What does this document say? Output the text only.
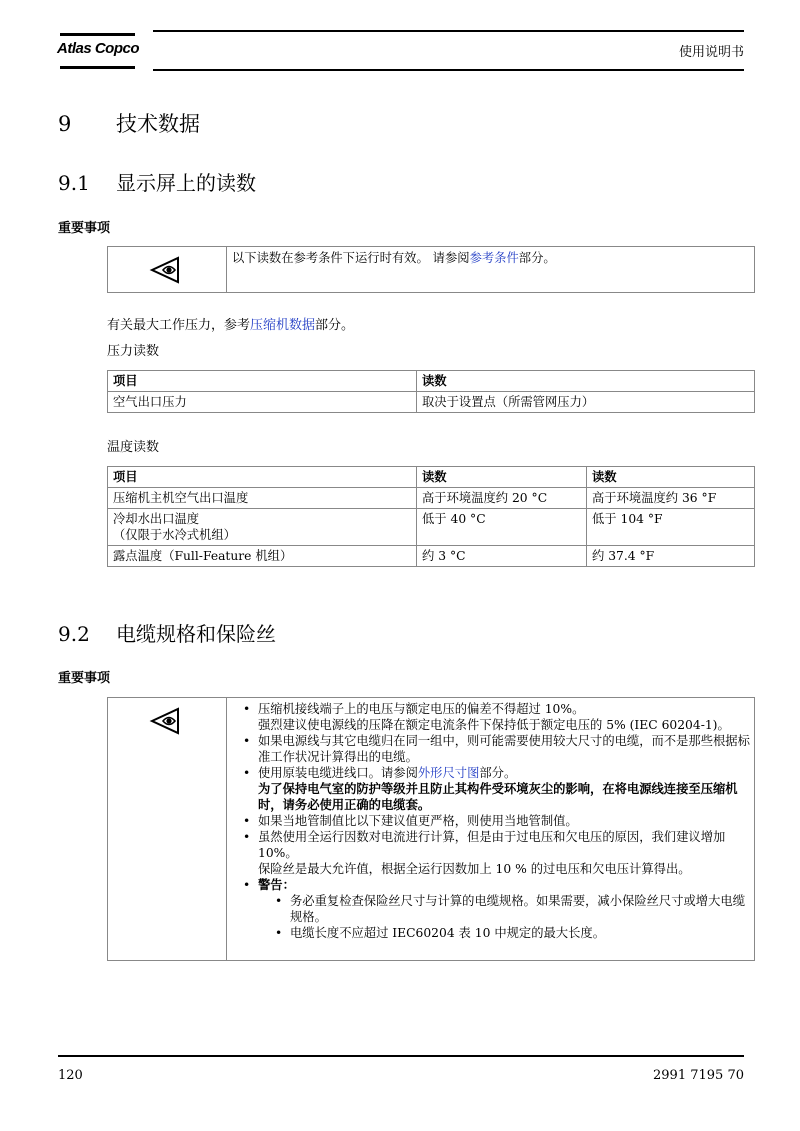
Atlas Copco	使用说明书
9 技术数据
9.1 显示屏上的读数
重要事项
以下读数在参考条件下运行时有效。 请参阅参考条件部分。
有关最大工作压力，参考压缩机数据部分。
压力读数
项目	读数
空气出口压力	取决于设置点（所需管网压力）
温度读数
项目	读数	读数
压缩机主机空气出口温度	高于环境温度约 20 °C	高于环境温度约 36 °F
冷却水出口温度
（仅限于水冷式机组）	低于 40 °C	低于 104 °F
露点温度（Full-Feature 机组）	约 3 °C	约 37.4 °F
9.2 电缆规格和保险丝
重要事项
• 压缩机接线端子上的电压与额定电压的偏差不得超过 10%。
强烈建议使电源线的压降在额定电流条件下保持低于额定电压的 5% (IEC 60204-1)。
• 如果电源线与其它电缆归在同一组中，则可能需要使用较大尺寸的电缆，而不是那些根据标准工作状况计算得出的电缆。
• 使用原装电缆进线口。请参阅外形尺寸图部分。
为了保持电气室的防护等级并且防止其构件受环境灰尘的影响，在将电源线连接至压缩机时，请务必使用正确的电缆套。
• 如果当地管制值比以下建议值更严格，则使用当地管制值。
• 虽然使用全运行因数对电流进行计算，但是由于过电压和欠电压的原因，我们建议增加 10%。
保险丝是最大允许值，根据全运行因数加上 10 % 的过电压和欠电压计算得出。
• 警告：
• 务必重复检查保险丝尺寸与计算的电缆规格。如果需要，减小保险丝尺寸或增大电缆规格。
• 电缆长度不应超过 IEC60204 表 10 中规定的最大长度。
120	2991 7195 70
